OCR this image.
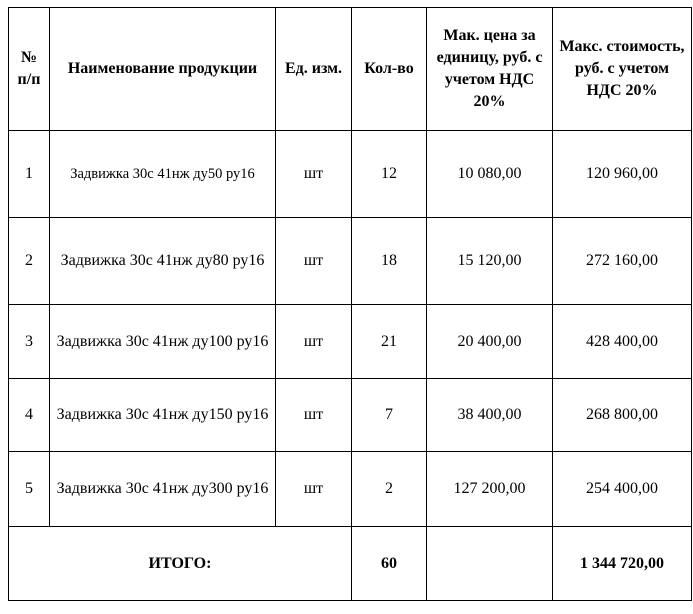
№ п/п	Наименование продукции	Ед. изм.	Кол-во	Мак. цена за единицу, руб. с учетом НДС 20%	Макс. стоимость, руб. с учетом НДС 20%
1	Задвижка 30с 41нж ду50 ру16	шт	12	10 080,00	120 960,00
2	Задвижка 30с 41нж ду80 ру16	шт	18	15 120,00	272 160,00
3	Задвижка 30с 41нж ду100 ру16	шт	21	20 400,00	428 400,00
4	Задвижка 30с 41нж ду150 ру16	шт	7	38 400,00	268 800,00
5	Задвижка 30с 41нж ду300 ру16	шт	2	127 200,00	254 400,00
ИТОГО:			60		1 344 720,00
